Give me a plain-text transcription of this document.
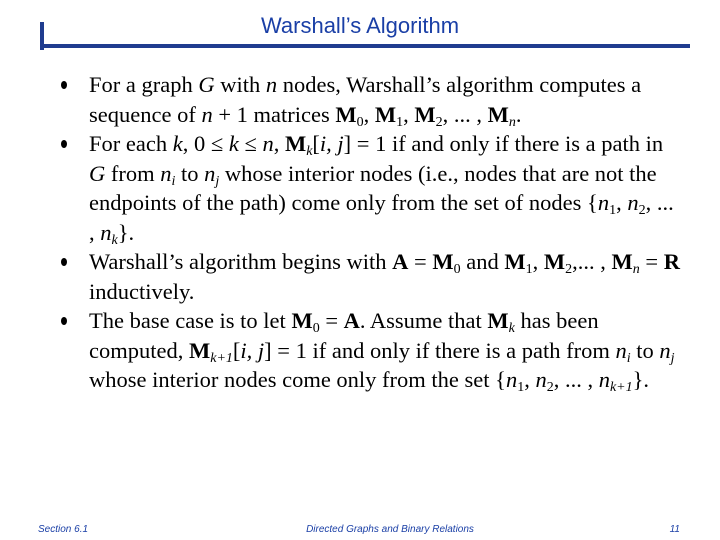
Warshall’s Algorithm
For a graph G with n nodes, Warshall’s algorithm computes a sequence of n + 1 matrices $M_0$, $M_1$, $M_2$, ... , $M_n$.
For each k, 0 ≤ k ≤ n, $M_k[i$, j] = 1 if and only if there is a path in G from $n_i$ to $n_j$ whose interior nodes (i.e., nodes that are not the endpoints of the path) come only from the set of nodes {$n_1$, $n_2$, ... , $n_k$}.
Warshall’s algorithm begins with $A = M_0$ and $M_1$, $M_2$,... , $M_n = R$ inductively.
The base case is to let $M_0 = A$. Assume that $M_k$ has been computed, $M_{k+1}[i$, j] = 1 if and only if there is a path from $n_i$ to $n_j$ whose interior nodes come only from the set {$n_1$, $n_2$, ... , $n_{k+1}$}.
Section 6.1	Directed Graphs and Binary Relations	11
